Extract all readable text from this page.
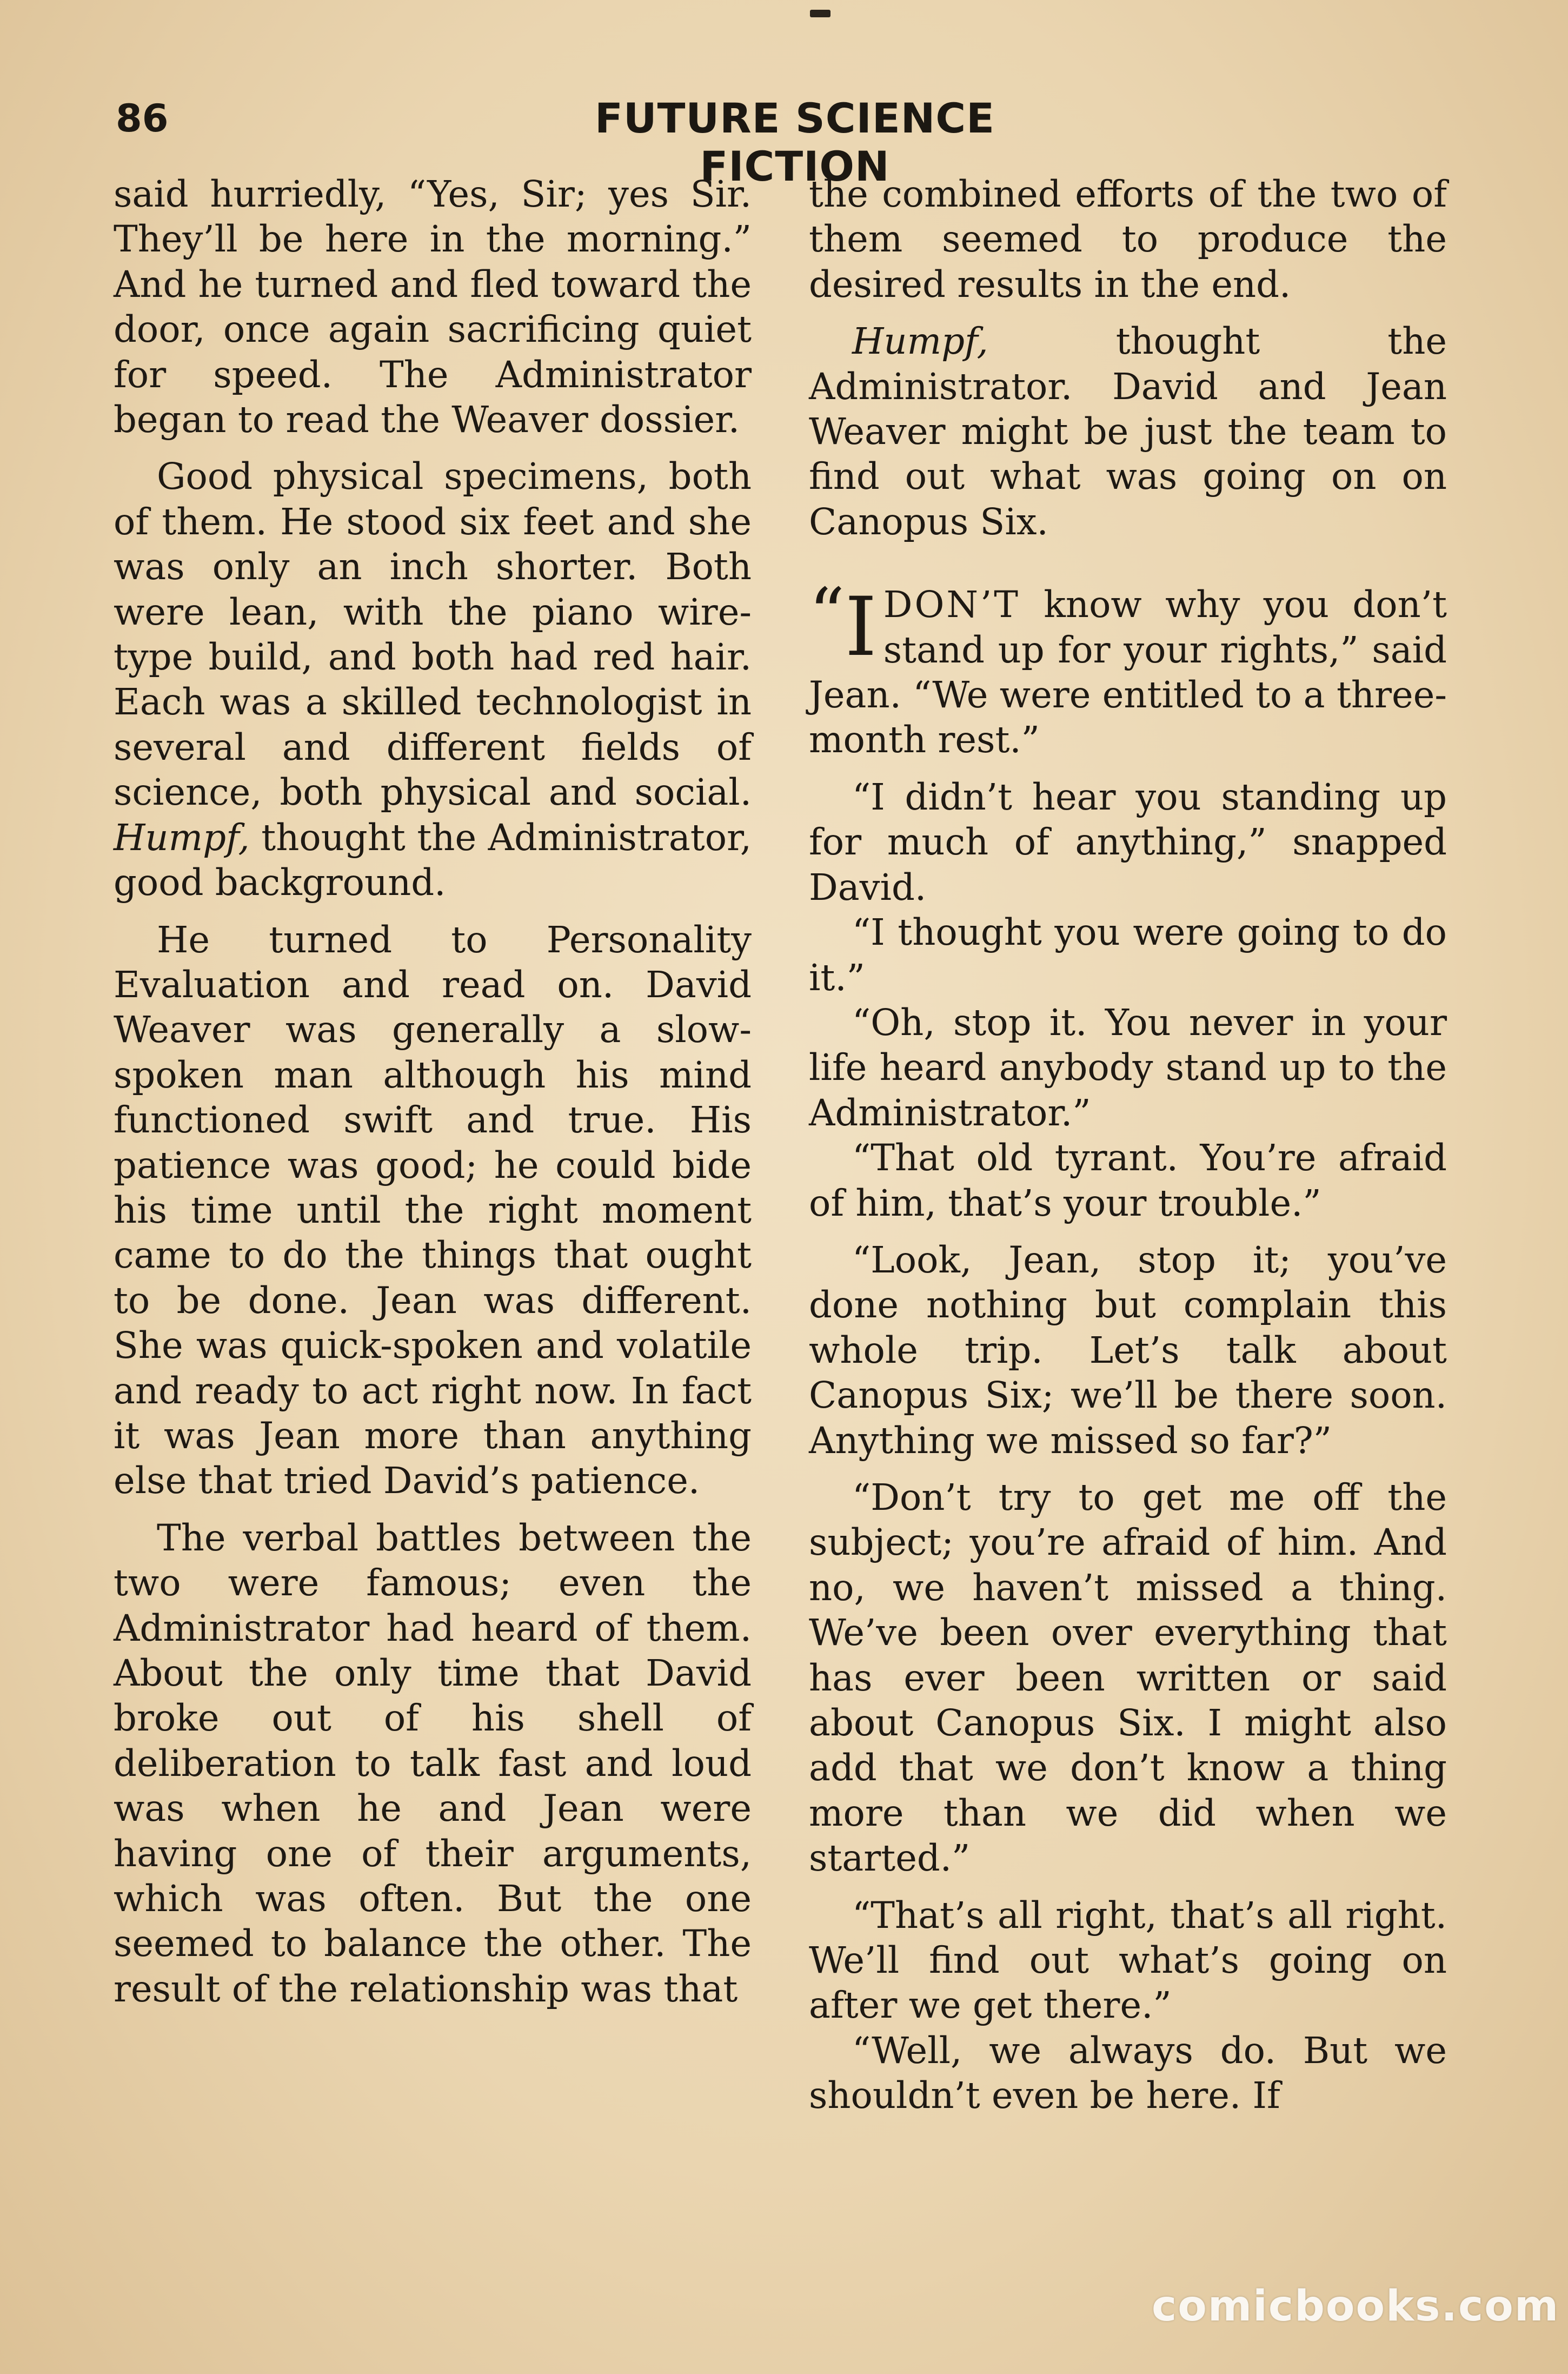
86	FUTURE SCIENCE FICTION

said hurriedly, “Yes, Sir; yes Sir. They’ll be here in the morning.” And he turned and fled toward the door, once again sacrificing quiet for speed. The Administrator began to read the Weaver dossier.

Good physical specimens, both of them. He stood six feet and she was only an inch shorter. Both were lean, with the piano wire-type build, and both had red hair. Each was a skilled technologist in several and different fields of science, both physical and social. Humpf, thought the Administrator, good background.

He turned to Personality Evaluation and read on. David Weaver was generally a slow-spoken man although his mind functioned swift and true. His patience was good; he could bide his time until the right moment came to do the things that ought to be done. Jean was different. She was quick-spoken and volatile and ready to act right now. In fact it was Jean more than anything else that tried David’s patience.

The verbal battles between the two were famous; even the Administrator had heard of them. About the only time that David broke out of his shell of deliberation to talk fast and loud was when he and Jean were having one of their arguments, which was often. But the one seemed to balance the other. The result of the relationship was that

the combined efforts of the two of them seemed to produce the desired results in the end.

Humpf, thought the Administrator. David and Jean Weaver might be just the team to find out what was going on on Canopus Six.

“I DON’T know why you don’t stand up for your rights,” said Jean. “We were entitled to a three-month rest.”

“I didn’t hear you standing up for much of anything,” snapped David.

“I thought you were going to do it.”

“Oh, stop it. You never in your life heard anybody stand up to the Administrator.”

“That old tyrant. You’re afraid of him, that’s your trouble.”

“Look, Jean, stop it; you’ve done nothing but complain this whole trip. Let’s talk about Canopus Six; we’ll be there soon. Anything we missed so far?”

“Don’t try to get me off the subject; you’re afraid of him. And no, we haven’t missed a thing. We’ve been over everything that has ever been written or said about Canopus Six. I might also add that we don’t know a thing more than we did when we started.”

“That’s all right, that’s all right. We’ll find out what’s going on after we get there.”

“Well, we always do. But we shouldn’t even be here. If

comicbooks.com
